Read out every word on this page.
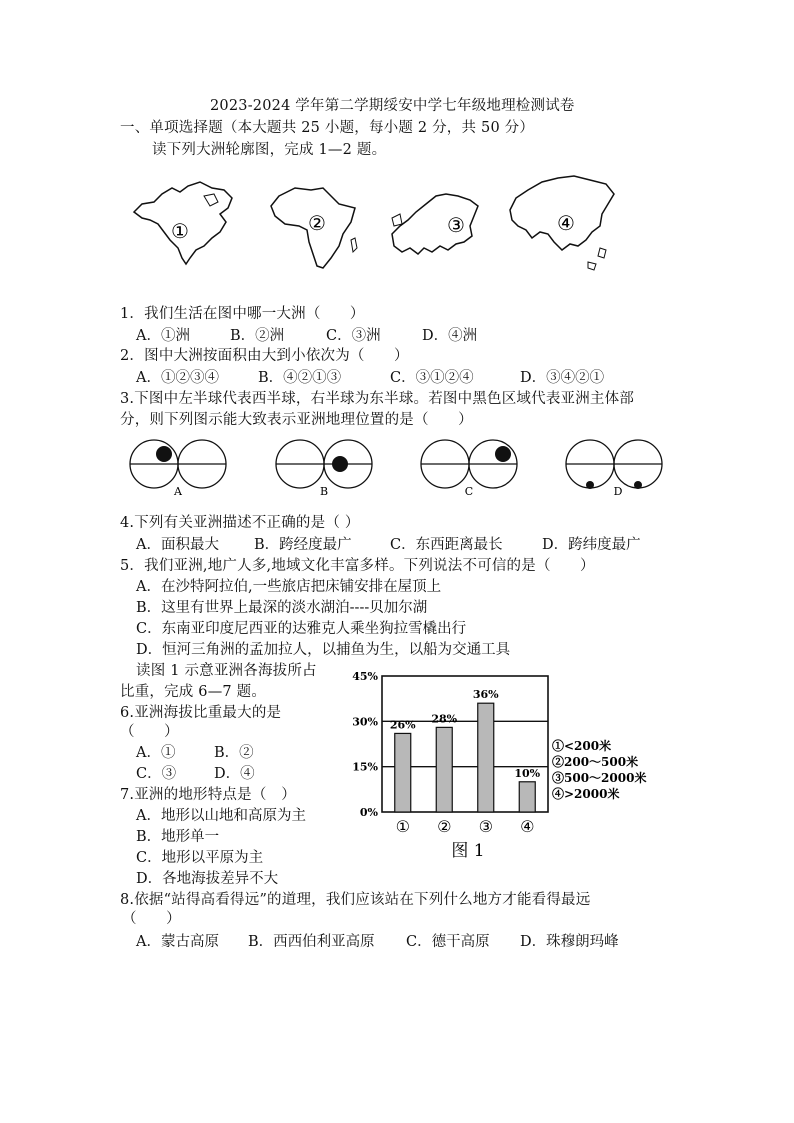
2023-2024 学年第二学期绥安中学七年级地理检测试卷
一、单项选择题（本大题共 25 小题，每小题 2 分，共 50 分）
读下列大洲轮廓图，完成 1—2 题。
①	②	③	④
1．我们生活在图中哪一大洲（　　）
A．①洲	B．②洲	C．③洲	D．④洲
2．图中大洲按面积由大到小依次为（　　）
A．①②③④	B．④②①③	C．③①②④	D．③④②①
3.下图中左半球代表西半球，右半球为东半球。若图中黑色区域代表亚洲主体部
分，则下列图示能大致表示亚洲地理位置的是（　　）
A	B	C	D
4.下列有关亚洲描述不正确的是（ ）
A．面积最大 B．跨经度最广	C．东西距离最长	D．跨纬度最广
5．我们亚洲,地广人多,地域文化丰富多样。下列说法不可信的是（　　）
A．在沙特阿拉伯,一些旅店把床铺安排在屋顶上
B．这里有世界上最深的淡水湖泊----贝加尔湖
C．东南亚印度尼西亚的达雅克人乘坐狗拉雪橇出行
D．恒河三角洲的孟加拉人，以捕鱼为生，以船为交通工具
读图 1 示意亚洲各海拔所占
比重，完成 6—7 题。
6.亚洲海拔比重最大的是
（　　）
A．①	B．②
C．③	D．④
7.亚洲的地形特点是（　）
A．地形以山地和高原为主
B．地形单一
C．地形以平原为主
D．各地海拔差异不大
8.依据“站得高看得远”的道理，我们应该站在下列什么地方才能看得最远
（　　）
A．蒙古高原 B．西西伯利亚高原 C．德干高原 D．珠穆朗玛峰
0%
15%
30%
45%
26%
①
28%
②
36%
③
10%
④
图 1
①<200米
②200～500米
③500～2000米
④>2000米
